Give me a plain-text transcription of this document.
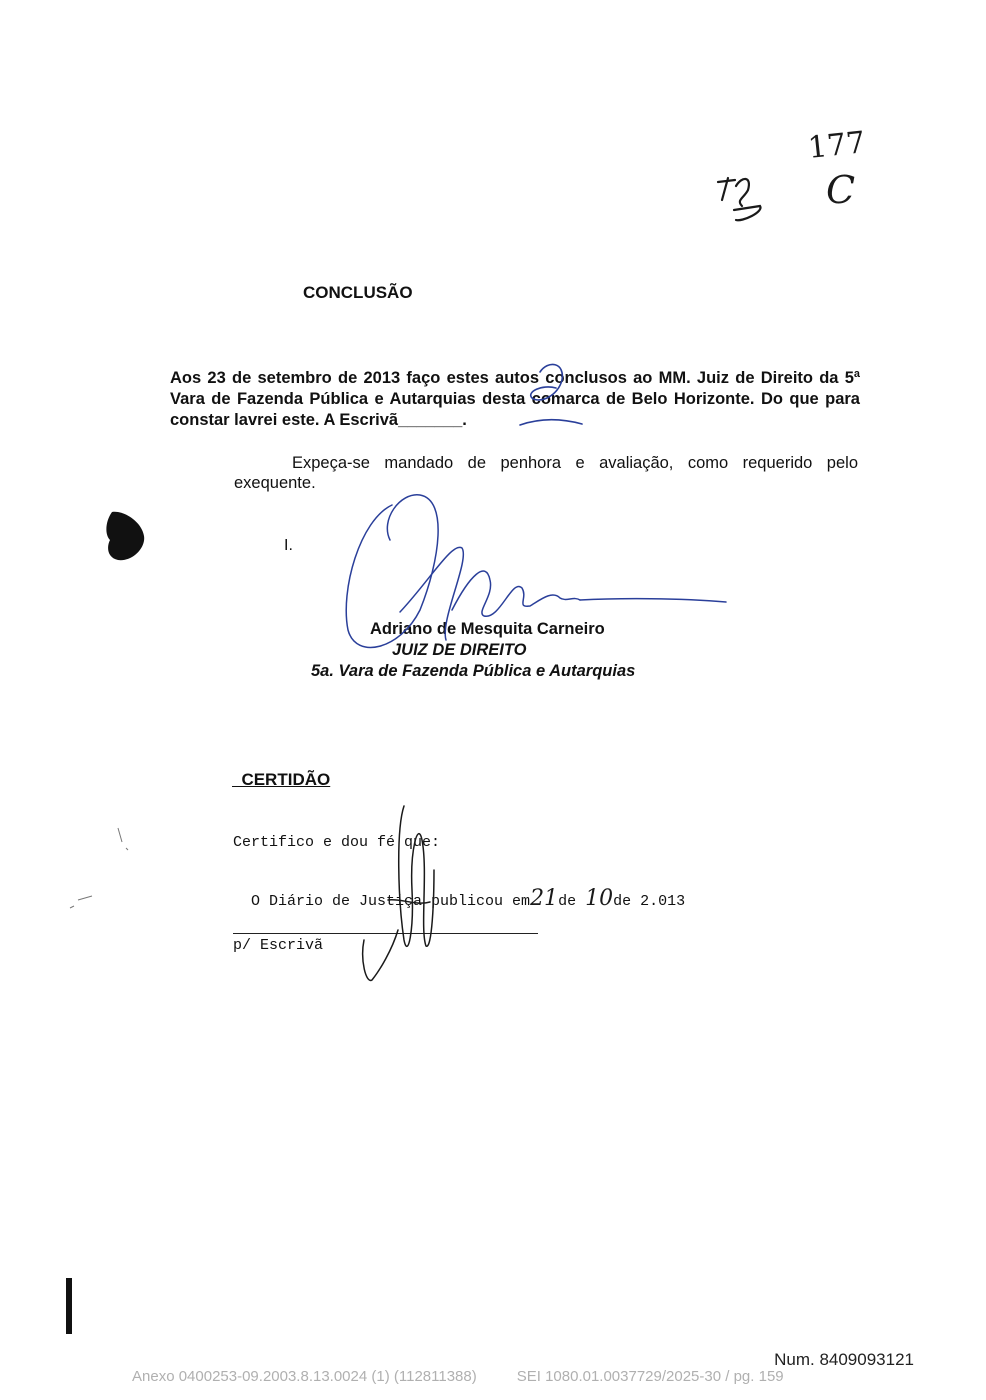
177
C
CONCLUSÃO
Aos 23 de setembro de 2013 faço estes autos conclusos ao MM. Juiz de Direito da 5ª Vara de Fazenda Pública e Autarquias desta comarca de Belo Horizonte. Do que para constar lavrei este. A Escrivã_______.
Expeça-se mandado de penhora e avaliação, como requerido pelo exequente.
I.
Adriano de Mesquita Carneiro
JUIZ DE DIREITO
5a. Vara de Fazenda Pública e Autarquias
CERTIDÃO
Certifico e dou fé que:

O Diário de Justiça publicou em21de 10de 2.013

p/ Escrivã
Num. 8409093121
Anexo 0400253-09.2003.8.13.0024 (1) (112811388)	SEI 1080.01.0037729/2025-30 / pg. 159
